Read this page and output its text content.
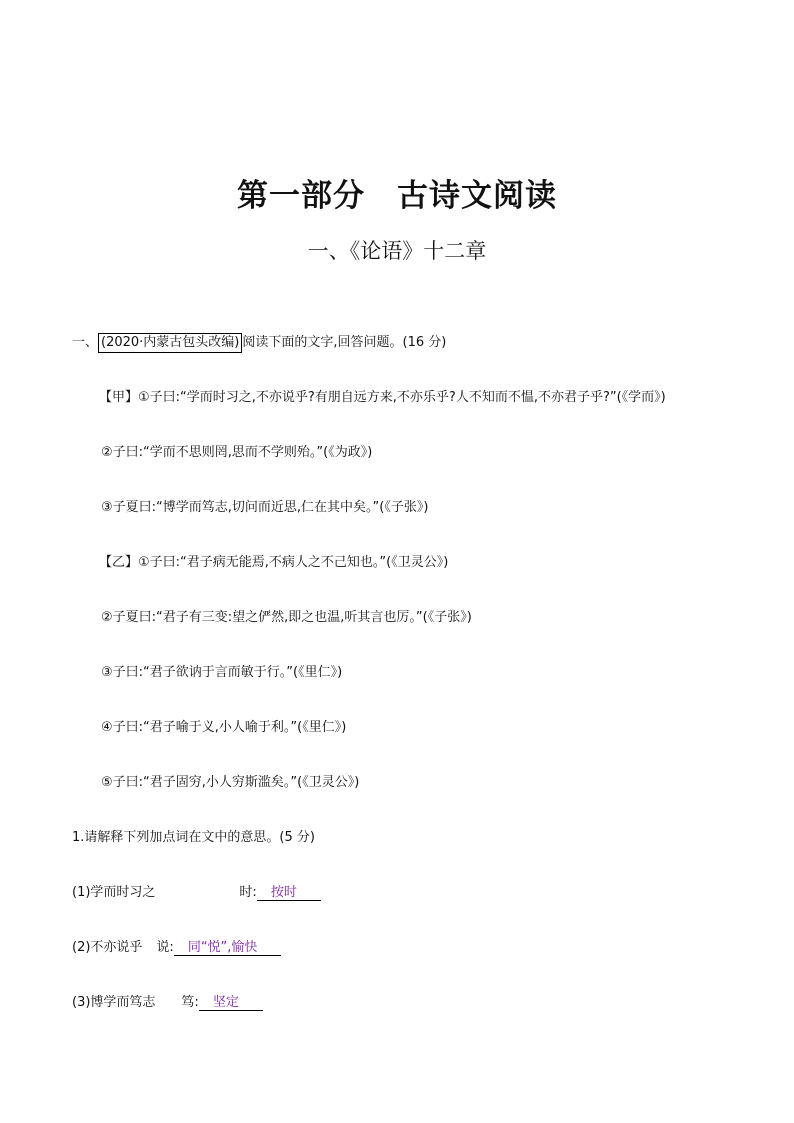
第一部分　古诗文阅读
一、《论语》十二章
一、 (2020·内蒙古包头改编) 阅读下面的文字,回答问题。(16 分)
【甲】①子曰:“学而时习之,不亦说乎?有朋自远方来,不亦乐乎?人不知而不愠,不亦君子乎?”(《学而》)
②子曰:“学而不思则罔,思而不学则殆。”(《为政》)
③子夏曰:“博学而笃志,切问而近思,仁在其中矣。”(《子张》)
【乙】①子曰:“君子病无能焉,不病人之不己知也。”(《卫灵公》)
②子夏曰:“君子有三变:望之俨然,即之也温,听其言也厉。”(《子张》)
③子曰:“君子欲讷于言而敏于行。”(《里仁》)
④子曰:“君子喻于义,小人喻于利。”(《里仁》)
⑤子曰:“君子固穷,小人穷斯滥矣。”(《卫灵公》)
1.请解释下列加点词在文中的意思。(5 分)
(1)学而时习之	时: 按时
(2)不亦说乎 说: 同“悦”,愉快
(3)博学而笃志 笃: 坚定
